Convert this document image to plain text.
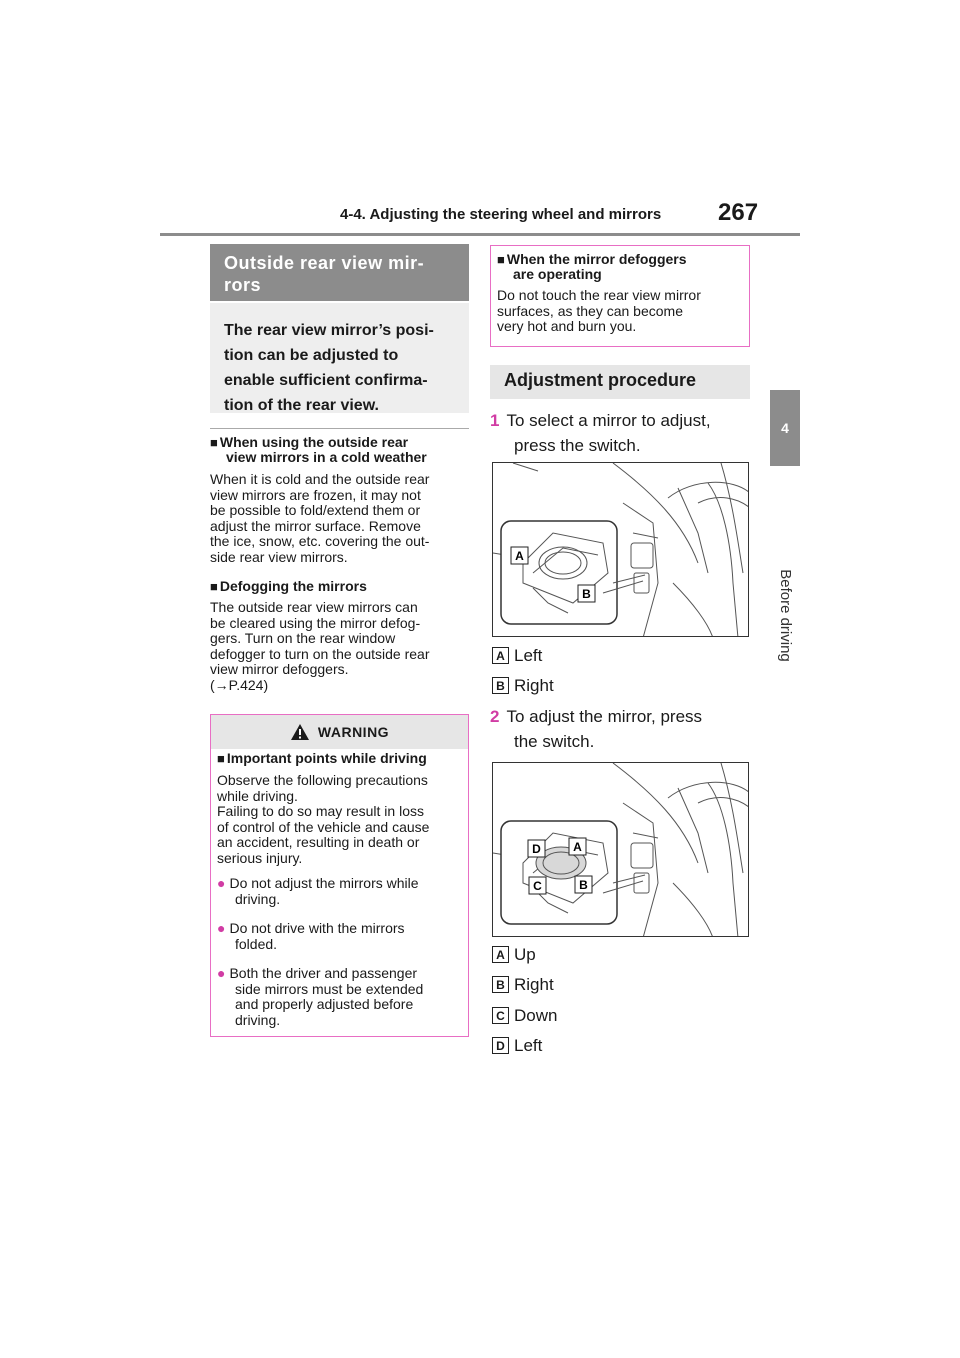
4-4. Adjusting the steering wheel and mirrors 267
4
Before driving
Outside rear view mir-
rors
The rear view mirror’s posi-
tion can be adjusted to
enable sufficient confirma-
tion of the rear view.
■ When using the outside rear
view mirrors in a cold weather
When it is cold and the outside rear
view mirrors are frozen, it may not
be possible to fold/extend them or
adjust the mirror surface. Remove
the ice, snow, etc. covering the out-
side rear view mirrors.
■ Defogging the mirrors
The outside rear view mirrors can
be cleared using the mirror defog-
gers. Turn on the rear window
defogger to turn on the outside rear
view mirror defoggers.
(→P.424)
WARNING
■ Important points while driving
Observe the following precautions
while driving.
Failing to do so may result in loss
of control of the vehicle and cause
an accident, resulting in death or
serious injury.
● Do not adjust the mirrors while
driving.
● Do not drive with the mirrors
folded.
● Both the driver and passenger
side mirrors must be extended
and properly adjusted before
driving.
■ When the mirror defoggers
are operating
Do not touch the rear view mirror
surfaces, as they can become
very hot and burn you.
Adjustment procedure
1 To select a mirror to adjust,
press the switch.
A
B
A Left
B Right
2 To adjust the mirror, press
the switch.
D	A
C	B
A Up
B Right
C Down
D Left
